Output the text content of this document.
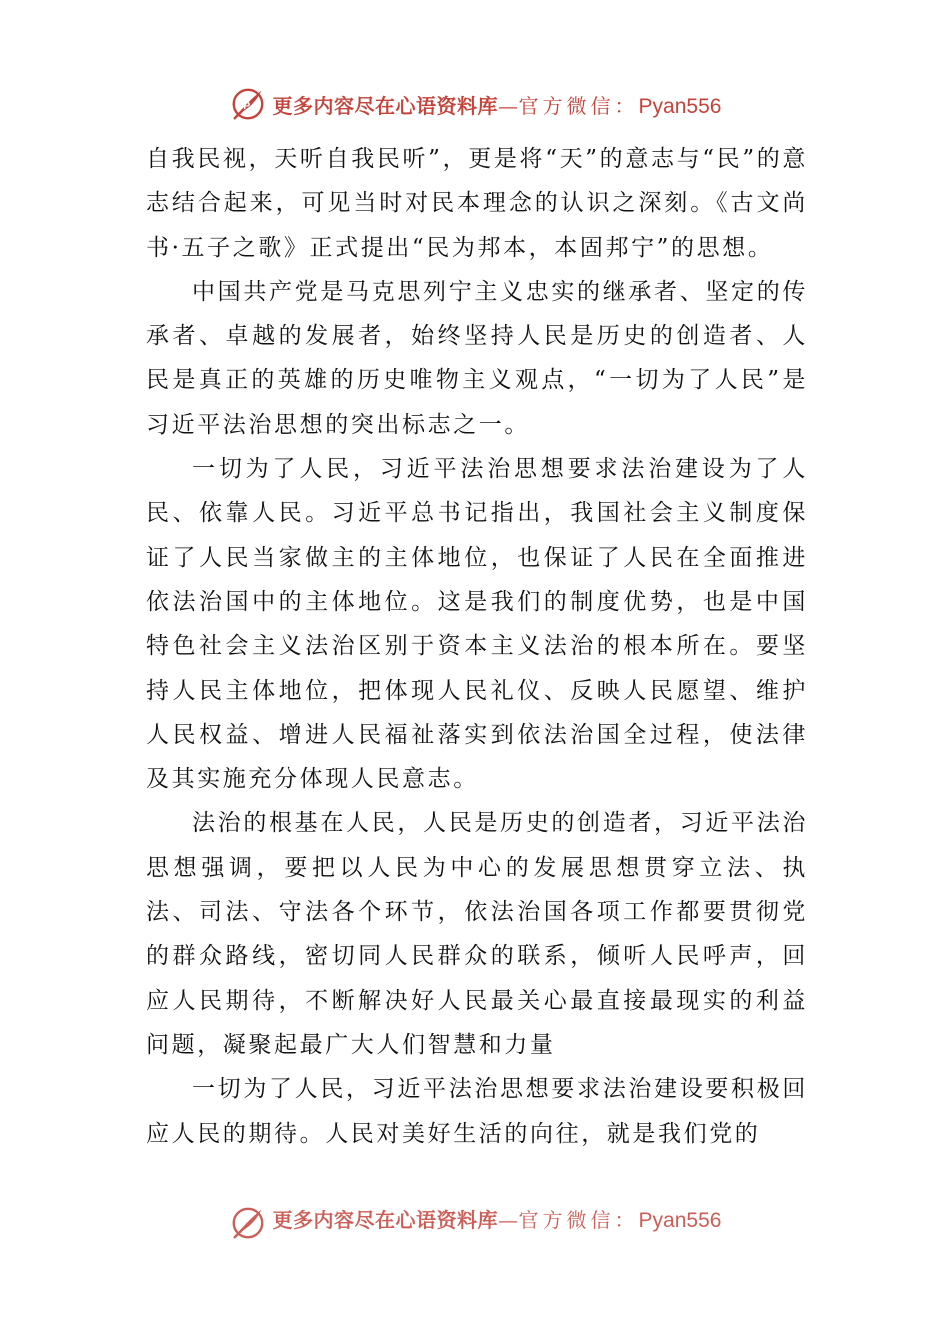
P 更多内容尽在心语资料库—官方微信：Pyan556

自我民视，天听自我民听”，更是将“天”的意志与“民”的意志结合起来，可见当时对民本理念的认识之深刻。《古文尚书·五子之歌》正式提出“民为邦本，本固邦宁”的思想。

中国共产党是马克思列宁主义忠实的继承者、坚定的传承者、卓越的发展者，始终坚持人民是历史的创造者、人民是真正的英雄的历史唯物主义观点，“一切为了人民”是习近平法治思想的突出标志之一。

一切为了人民，习近平法治思想要求法治建设为了人民、依靠人民。习近平总书记指出，我国社会主义制度保证了人民当家做主的主体地位，也保证了人民在全面推进依法治国中的主体地位。这是我们的制度优势，也是中国特色社会主义法治区别于资本主义法治的根本所在。要坚持人民主体地位，把体现人民礼仪、反映人民愿望、维护人民权益、增进人民福祉落实到依法治国全过程，使法律及其实施充分体现人民意志。

法治的根基在人民，人民是历史的创造者，习近平法治思想强调，要把以人民为中心的发展思想贯穿立法、执法、司法、守法各个环节，依法治国各项工作都要贯彻党的群众路线，密切同人民群众的联系，倾听人民呼声，回应人民期待，不断解决好人民最关心最直接最现实的利益问题，凝聚起最广大人们智慧和力量

一切为了人民，习近平法治思想要求法治建设要积极回应人民的期待。人民对美好生活的向往，就是我们党的

更多内容尽在心语资料库—官方微信：Pyan556
